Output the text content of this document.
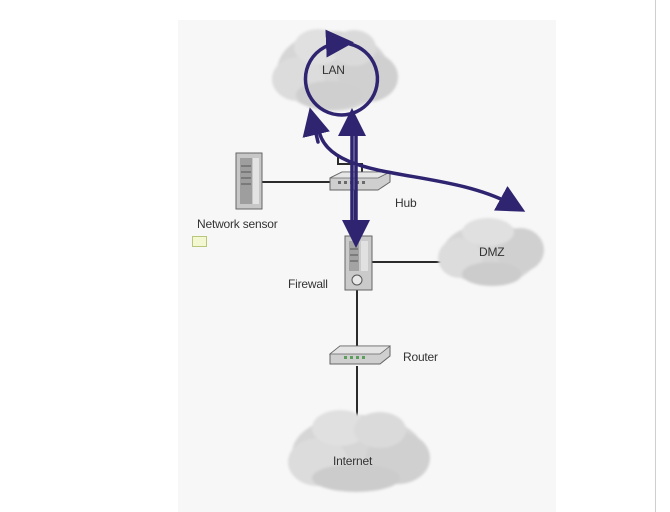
LAN
DMZ
Internet
Hub
Network sensor
Firewall
Router
